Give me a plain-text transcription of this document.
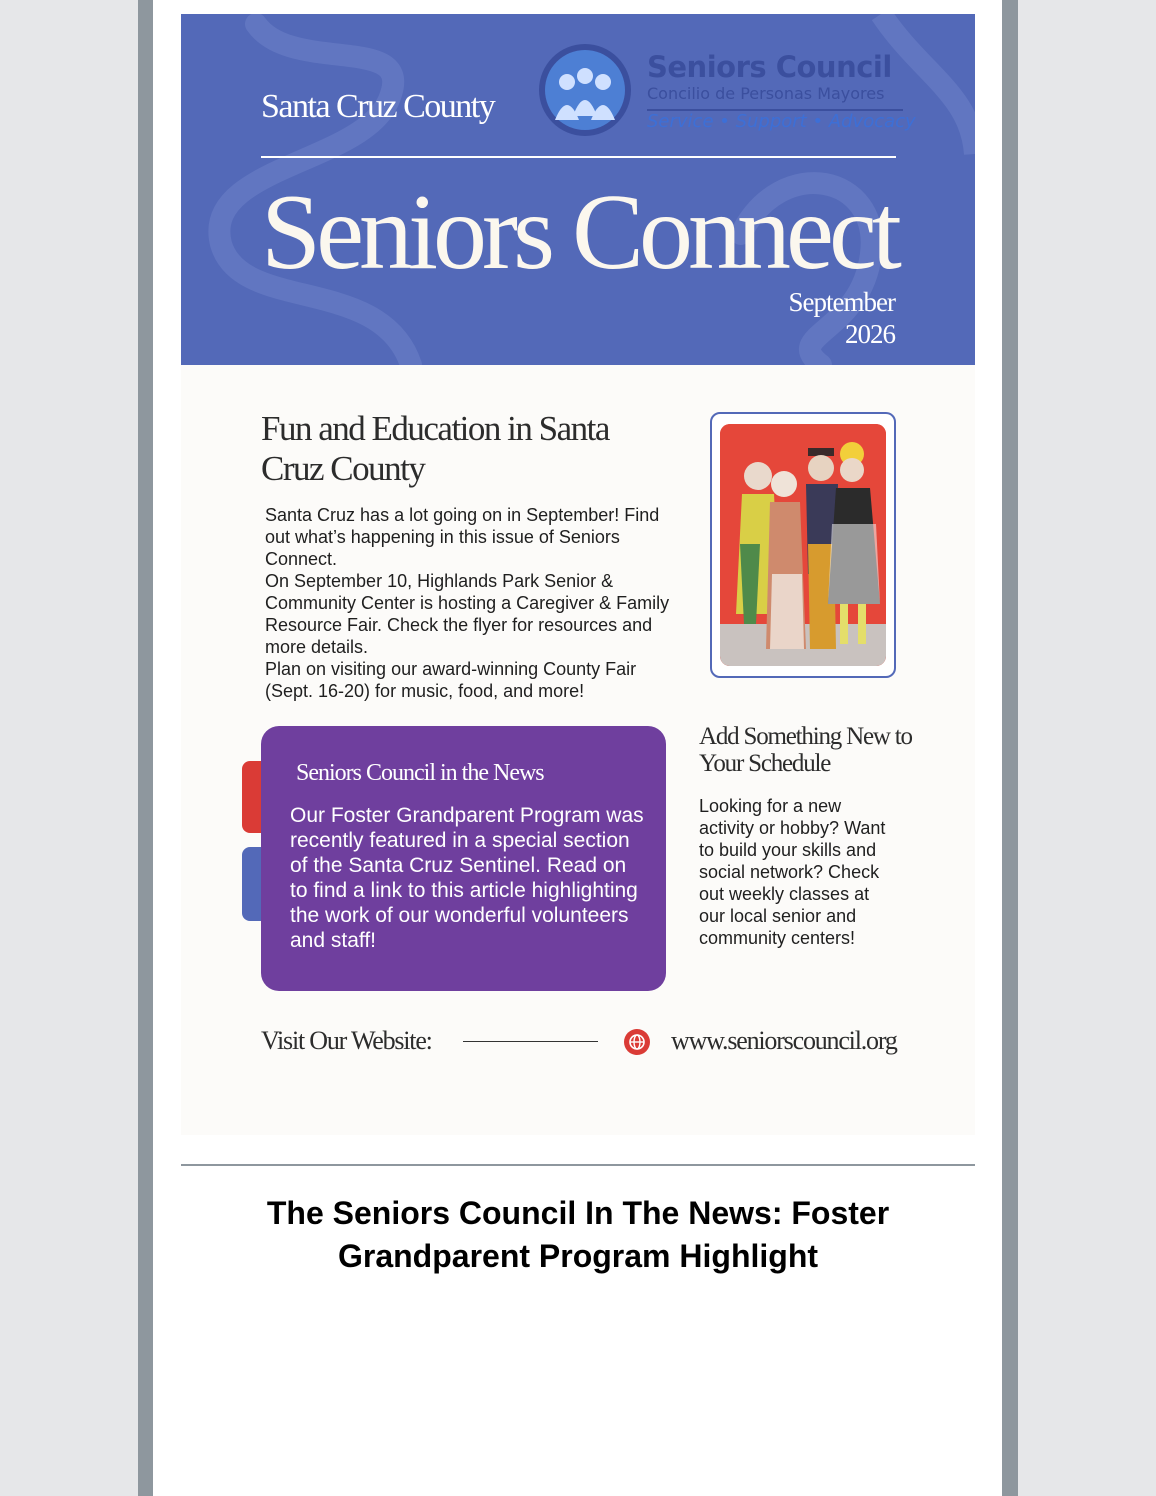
Santa Cruz County
Seniors Council
Concilio de Personas Mayores
Service • Support • Advocacy
Seniors Connect
September
2026
Fun and Education in Santa Cruz County

Santa Cruz has a lot going on in September! Find out what’s happening in this issue of Seniors Connect.

On September 10, Highlands Park Senior & Community Center is hosting a Caregiver & Family Resource Fair. Check the flyer for resources and more details.

Plan on visiting our award-winning County Fair (Sept. 16-20) for music, food, and more!

Seniors Council in the News
Our Foster Grandparent Program was recently featured in a special section of the Santa Cruz Sentinel. Read on to find a link to this article highlighting the work of our wonderful volunteers and staff!
Add Something New to Your Schedule
Looking for a new activity or hobby? Want to build your skills and social network? Check out weekly classes at our local senior and community centers!
Visit Our Website:	www.seniorscouncil.org
The Seniors Council In The News: Foster Grandparent Program Highlight
